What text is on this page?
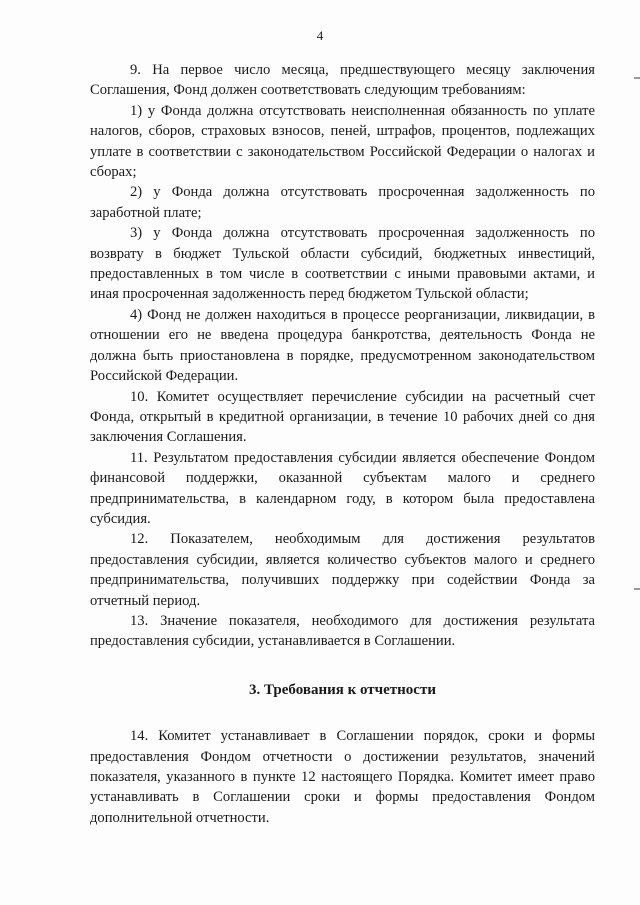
4

9. На первое число месяца, предшествующего месяцу заключения Соглашения, Фонд должен соответствовать следующим требованиям:

1) у Фонда должна отсутствовать неисполненная обязанность по уплате налогов, сборов, страховых взносов, пеней, штрафов, процентов, подлежащих уплате в соответствии с законодательством Российской Федерации о налогах и сборах;

2) у Фонда должна отсутствовать просроченная задолженность по заработной плате;

3) у Фонда должна отсутствовать просроченная задолженность по возврату в бюджет Тульской области субсидий, бюджетных инвестиций, предоставленных в том числе в соответствии с иными правовыми актами, и иная просроченная задолженность перед бюджетом Тульской области;

4) Фонд не должен находиться в процессе реорганизации, ликвидации, в отношении его не введена процедура банкротства, деятельность Фонда не должна быть приостановлена в порядке, предусмотренном законодательством Российской Федерации.

10. Комитет осуществляет перечисление субсидии на расчетный счет Фонда, открытый в кредитной организации, в течение 10 рабочих дней со дня заключения Соглашения.

11. Результатом предоставления субсидии является обеспечение Фондом финансовой поддержки, оказанной субъектам малого и среднего предпринимательства, в календарном году, в котором была предоставлена субсидия.

12. Показателем, необходимым для достижения результатов предоставления субсидии, является количество субъектов малого и среднего предпринимательства, получивших поддержку при содействии Фонда за отчетный период.

13. Значение показателя, необходимого для достижения результата предоставления субсидии, устанавливается в Соглашении.

3. Требования к отчетности

14. Комитет устанавливает в Соглашении порядок, сроки и формы предоставления Фондом отчетности о достижении результатов, значений показателя, указанного в пункте 12 настоящего Порядка. Комитет имеет право устанавливать в Соглашении сроки и формы предоставления Фондом дополнительной отчетности.
